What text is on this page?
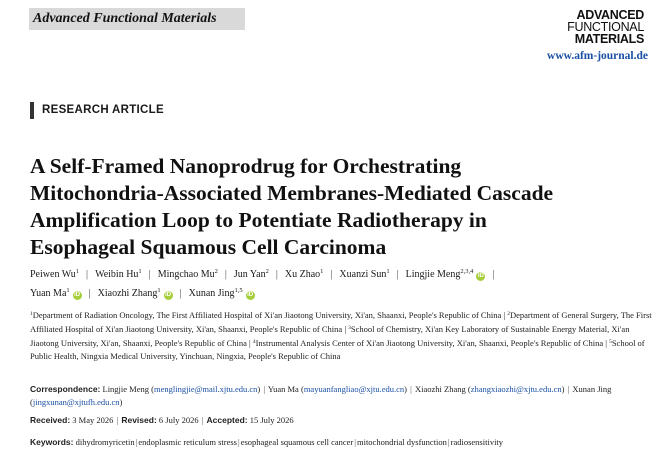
Advanced Functional Materials	ADVANCED
FUNCTIONAL
MATERIALS
www.afm-journal.de
RESEARCH ARTICLE
A Self-Framed Nanoprodrug for Orchestrating
Mitochondria-Associated Membranes-Mediated Cascade
Amplification Loop to Potentiate Radiotherapy in
Esophageal Squamous Cell Carcinoma
Peiwen Wu$^1$ | Weibin Hu$^1$ | Mingchao Mu$^2$ | Jun Yan$^2$ | Xu Zhao$^1$ | Xuanzi Sun$^1$ | Lingjie Meng$^{2,3,4}$iD |
Yuan Ma$^1$iD | Xiaozhi Zhang$^1$iD | Xunan Jing$^{1,5}$iD
$^1$Department of Radiation Oncology, The First Affiliated Hospital of Xi'an Jiaotong University, Xi'an, Shaanxi, People's Republic of China | $^2$Department of General Surgery, The First Affiliated Hospital of Xi'an Jiaotong University, Xi'an, Shaanxi, People's Republic of China | $^3$School of Chemistry, Xi'an Key Laboratory of Sustainable Energy Material, Xi'an Jiaotong University, Xi'an, Shaanxi, People's Republic of China | $^4$Instrumental Analysis Center of Xi'an Jiaotong University, Xi'an, Shaanxi, People's Republic of China | $^5$School of Public Health, Ningxia Medical University, Yinchuan, Ningxia, People's Republic of China
Correspondence: Lingjie Meng (menglingjie@mail.xjtu.edu.cn) | Yuan Ma (mayuanfangliao@xjtu.edu.cn) | Xiaozhi Zhang (zhangxiaozhi@xjtu.edu.cn) | Xunan Jing (jingxunan@xjtufh.edu.cn)
Received: 3 May 2026 | Revised: 6 July 2026 | Accepted: 15 July 2026
Keywords: dihydromyricetin|endoplasmic reticulum stress|esophageal squamous cell cancer|mitochondrial dysfunction|radiosensitivity
